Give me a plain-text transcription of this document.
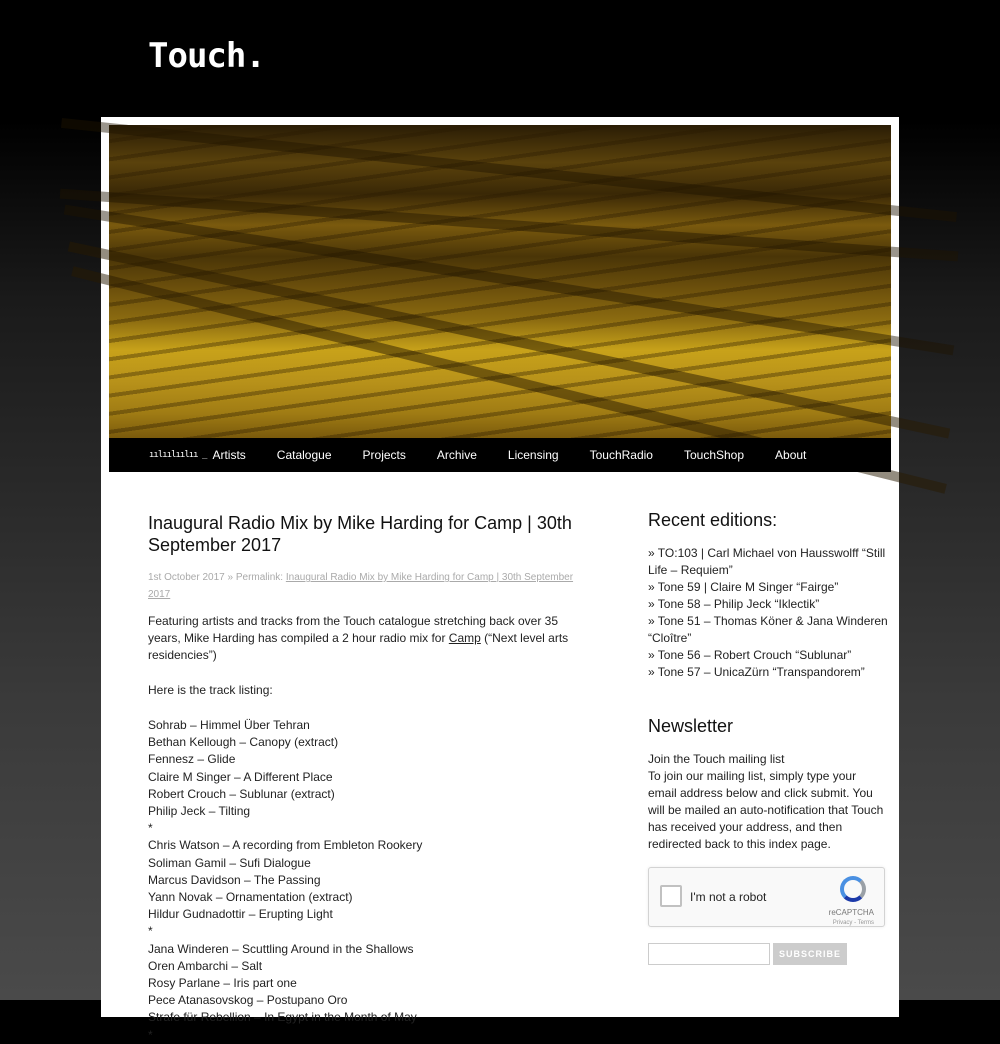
Touch.
ıılıılıılıı _ Artists	Catalogue	Projects	Archive	Licensing	TouchRadio	TouchShop	About
Inaugural Radio Mix by Mike Harding for Camp | 30th September 2017
1st October 2017 » Permalink: Inaugural Radio Mix by Mike Harding for Camp | 30th September 2017

Featuring artists and tracks from the Touch catalogue stretching back over 35 years, Mike Harding has compiled a 2 hour radio mix for Camp (“Next level arts residencies”)

Here is the track listing:

Sohrab – Himmel Über Tehran
Bethan Kellough – Canopy (extract)
Fennesz – Glide
Claire M Singer – A Different Place
Robert Crouch – Sublunar (extract)
Philip Jeck – Tilting
*
Chris Watson – A recording from Embleton Rookery
Soliman Gamil – Sufi Dialogue
Marcus Davidson – The Passing
Yann Novak – Ornamentation (extract)
Hildur Gudnadottir – Erupting Light
*
Jana Winderen – Scuttling Around in the Shallows
Oren Ambarchi – Salt
Rosy Parlane – Iris part one
Pece Atanasovskog – Postupano Oro
Strafe für Rebellion – In Egypt in the Month of May
*
Recent editions:
» TO:103 | Carl Michael von Hausswolff “Still Life – Requiem”
» Tone 59 | Claire M Singer “Fairge”
» Tone 58 – Philip Jeck “Iklectik”
» Tone 51 – Thomas Köner & Jana Winderen “Cloître”
» Tone 56 – Robert Crouch “Sublunar”
» Tone 57 – UnicaZürn “Transpandorem”
Newsletter
Join the Touch mailing list
To join our mailing list, simply type your email address below and click submit. You will be mailed an auto-notification that Touch has received your address, and then redirected back to this index page.
I'm not a robot
reCAPTCHA
Privacy - Terms
SUBSCRIBE
